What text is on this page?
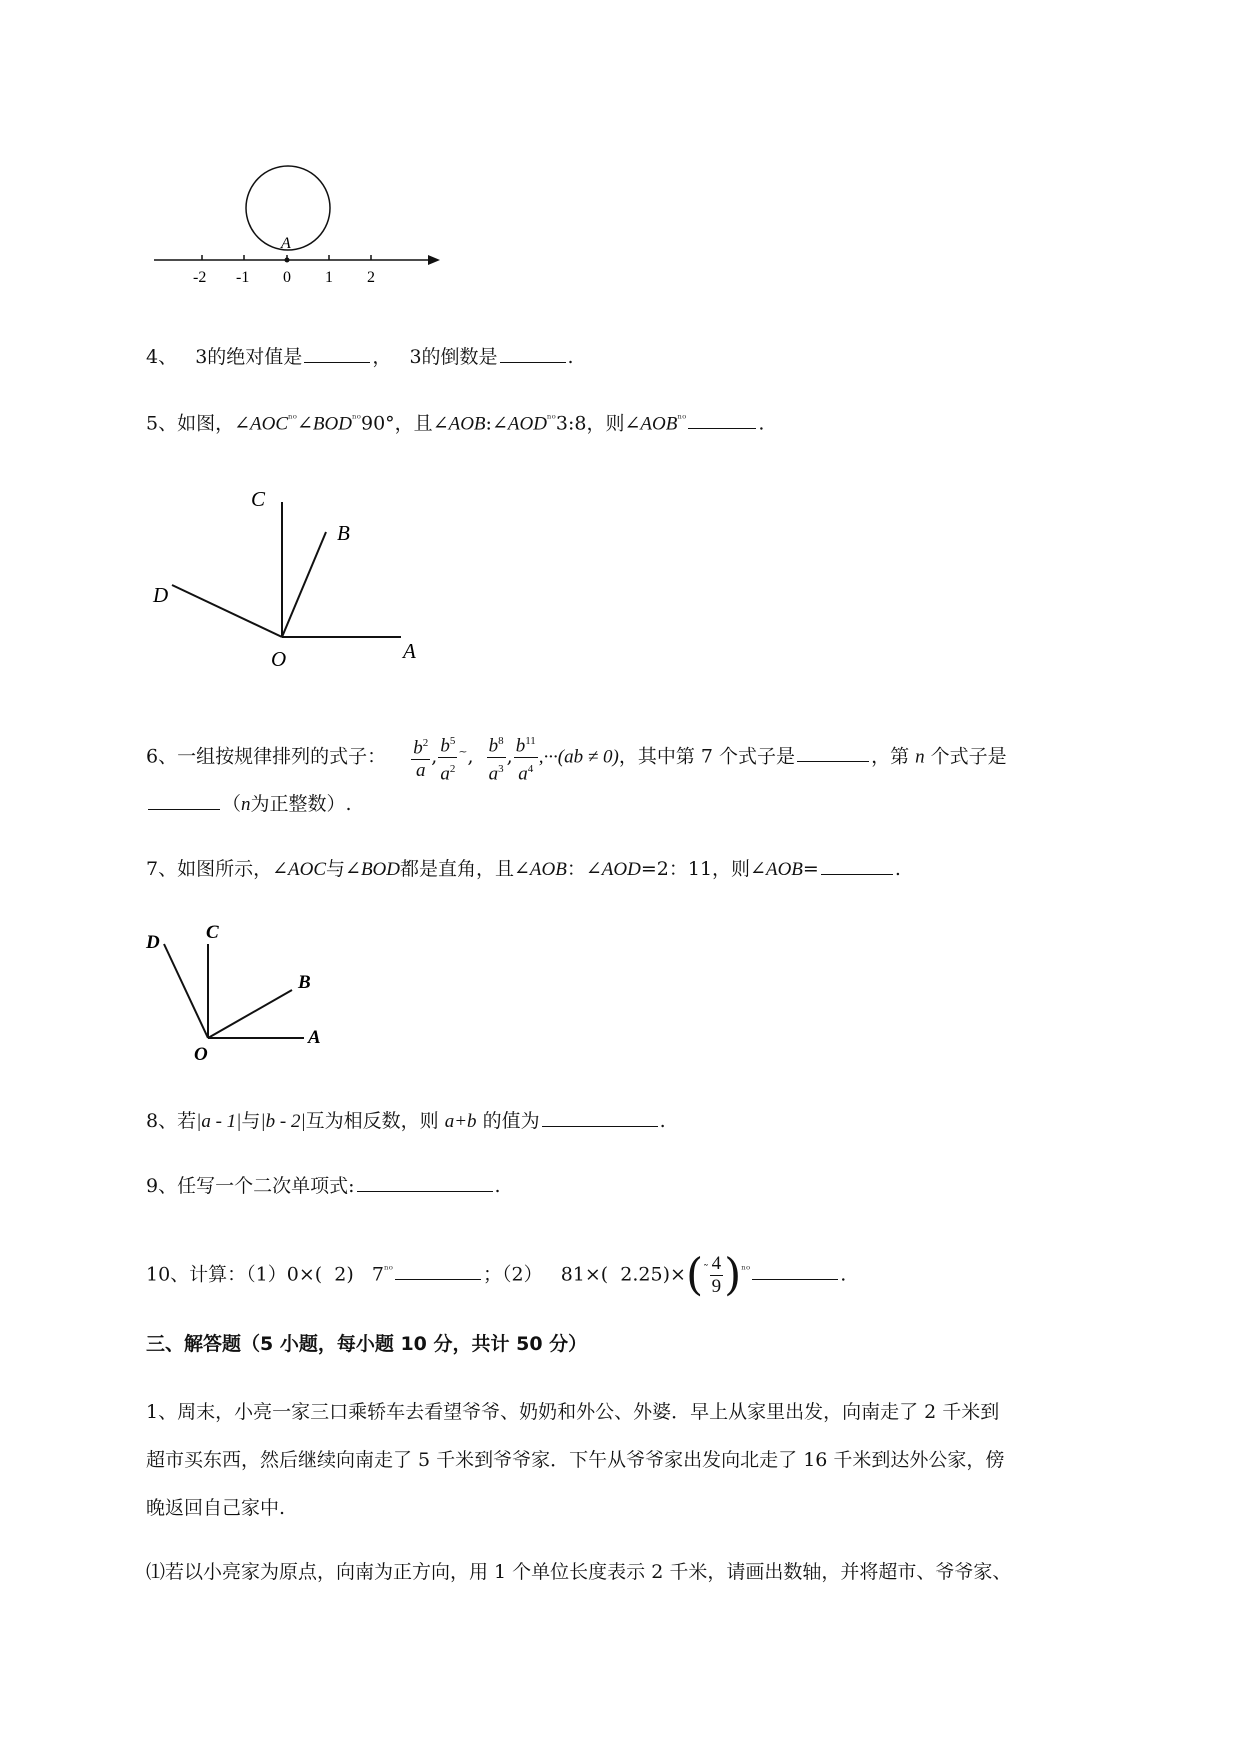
A
-2 -1 0 1 2
4、 3的绝对值是	， 3的倒数是	.
5、如图，$\angle AOC^{^nᵒ}\angle BOD^{^nᵒ}90^\circ$，且$\angle AOB:\angle AOD^{^nᵒ}3:8$，则$\angle AOB^{^nᵒ}$	.
C
B
D
O	A
6、一组按规律排列的式子： $\frac{b^2}{a}$ , $\frac{b^5}{a^2} ^\sim$, $\frac{b^8}{a^3}$ , $\frac{b^{11}}{a^4} ,\cdot\cdot\cdot(ab \ne 0)$，其中第 7 个式子是	，第 n 个式子是
（n为正整数）.
7、如图所示，∠AOC与∠BOD都是直角，且∠AOB：∠AOD=2：11，则∠AOB=	.
D C
B
O
A
8、若|a - 1|与|b - 2|互为相反数，则 a+b 的值为	.
9、任写一个二次单项式:	.
10、计算：（1）0×(  2)   $7^{^nᵒ}$	；（2） 81×(  $2.25)\times(^˜ \frac{4}{9} )^{^nᵒ}$	.
三、解答题（5 小题，每小题 10 分，共计 50 分）
1、周末，小亮一家三口乘轿车去看望爷爷、奶奶和外公、外婆．早上从家里出发，向南走了 2 千米到
超市买东西，然后继续向南走了 5 千米到爷爷家．下午从爷爷家出发向北走了 16 千米到达外公家，傍
晚返回自己家中.
⑴若以小亮家为原点，向南为正方向，用 1 个单位长度表示 2 千米，请画出数轴，并将超市、爷爷家、
